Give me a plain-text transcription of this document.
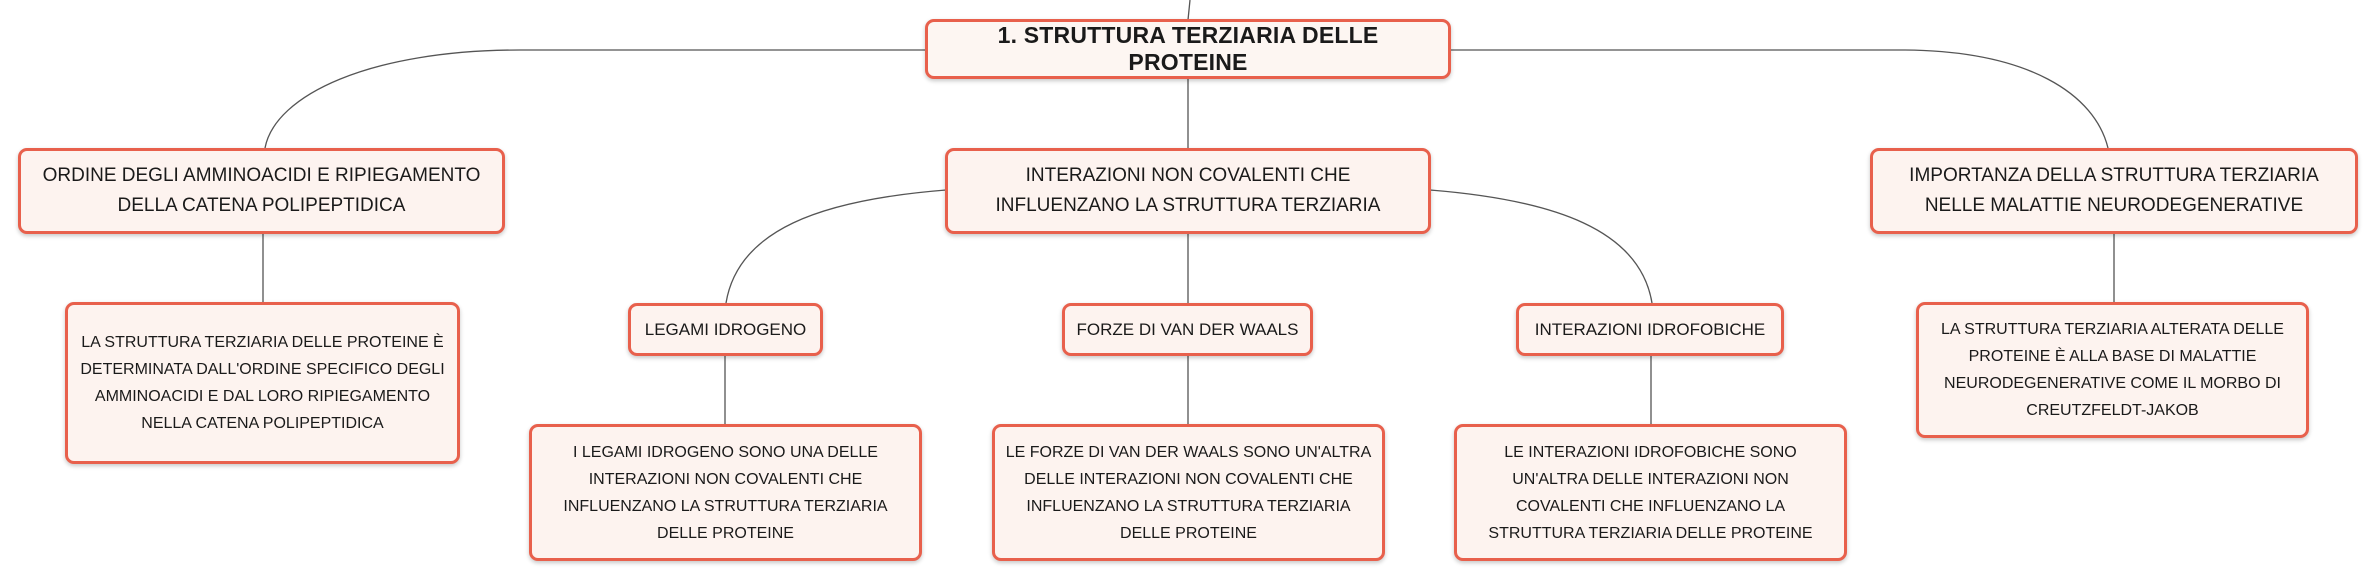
1. STRUTTURA TERZIARIA DELLE PROTEINE
ORDINE DEGLI AMMINOACIDI E RIPIEGAMENTO DELLA CATENA POLIPEPTIDICA
LA STRUTTURA TERZIARIA DELLE PROTEINE È DETERMINATA DALL'ORDINE SPECIFICO DEGLI AMMINOACIDI E DAL LORO RIPIEGAMENTO NELLA CATENA POLIPEPTIDICA
INTERAZIONI NON COVALENTI CHE INFLUENZANO LA STRUTTURA TERZIARIA
LEGAMI IDROGENO
I LEGAMI IDROGENO SONO UNA DELLE INTERAZIONI NON COVALENTI CHE INFLUENZANO LA STRUTTURA TERZIARIA DELLE PROTEINE
FORZE DI VAN DER WAALS
LE FORZE DI VAN DER WAALS SONO UN'ALTRA DELLE INTERAZIONI NON COVALENTI CHE INFLUENZANO LA STRUTTURA TERZIARIA DELLE PROTEINE
INTERAZIONI IDROFOBICHE
LE INTERAZIONI IDROFOBICHE SONO UN'ALTRA DELLE INTERAZIONI NON COVALENTI CHE INFLUENZANO LA STRUTTURA TERZIARIA DELLE PROTEINE
IMPORTANZA DELLA STRUTTURA TERZIARIA NELLE MALATTIE NEURODEGENERATIVE
LA STRUTTURA TERZIARIA ALTERATA DELLE PROTEINE È ALLA BASE DI MALATTIE NEURODEGENERATIVE COME IL MORBO DI CREUTZFELDT-JAKOB
